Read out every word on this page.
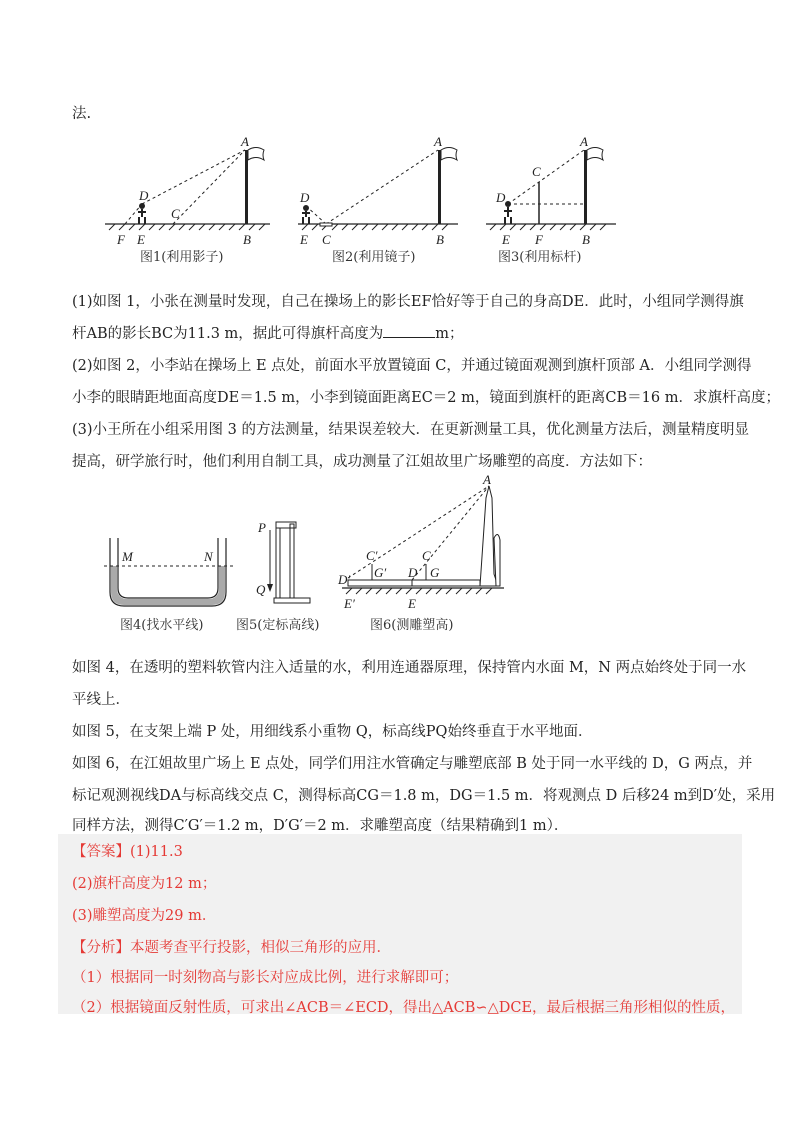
法.
A
D
C
F E	B
图1(利用影子)
A
D
E C	B
图2(利用镜子)
A
C
D
E F	B
图3(利用标杆)
(1)如图 1，小张在测量时发现，自己在操场上的影长EF恰好等于自己的身高DE．此时，小组同学测得旗
杆AB的影长BC为11.3 m，据此可得旗杆高度为	m；
(2)如图 2，小李站在操场上 E 点处，前面水平放置镜面 C，并通过镜面观测到旗杆顶部 A．小组同学测得
小李的眼睛距地面高度DE＝1.5 m，小李到镜面距离EC＝2 m，镜面到旗杆的距离CB＝16 m．求旗杆高度；
(3)小王所在小组采用图 3 的方法测量，结果误差较大．在更新测量工具，优化测量方法后，测量精度明显
提高，研学旅行时，他们利用自制工具，成功测量了江姐故里广场雕塑的高度．方法如下：
M	N
图4(找水平线)
P
Q
图5(定标高线)
A
C′	C
G′	G
D′	D
E′	E
图6(测雕塑高)
如图 4，在透明的塑料软管内注入适量的水，利用连通器原理，保持管内水面 M，N 两点始终处于同一水
平线上．
如图 5，在支架上端 P 处，用细线系小重物 Q，标高线PQ始终垂直于水平地面．
如图 6，在江姐故里广场上 E 点处，同学们用注水管确定与雕塑底部 B 处于同一水平线的 D，G 两点，并
标记观测视线DA与标高线交点 C，测得标高CG＝1.8 m，DG＝1.5 m．将观测点 D 后移24 m到D′处，采用
同样方法，测得C′G′＝1.2 m，D′G′＝2 m．求雕塑高度（结果精确到1 m）．
【答案】(1)11.3
(2)旗杆高度为12 m；
(3)雕塑高度为29 m．
【分析】本题考查平行投影，相似三角形的应用．
（1）根据同一时刻物高与影长对应成比例，进行求解即可；
（2）根据镜面反射性质，可求出∠ACB＝∠ECD，得出△ACB∽△DCE，最后根据三角形相似的性质，
